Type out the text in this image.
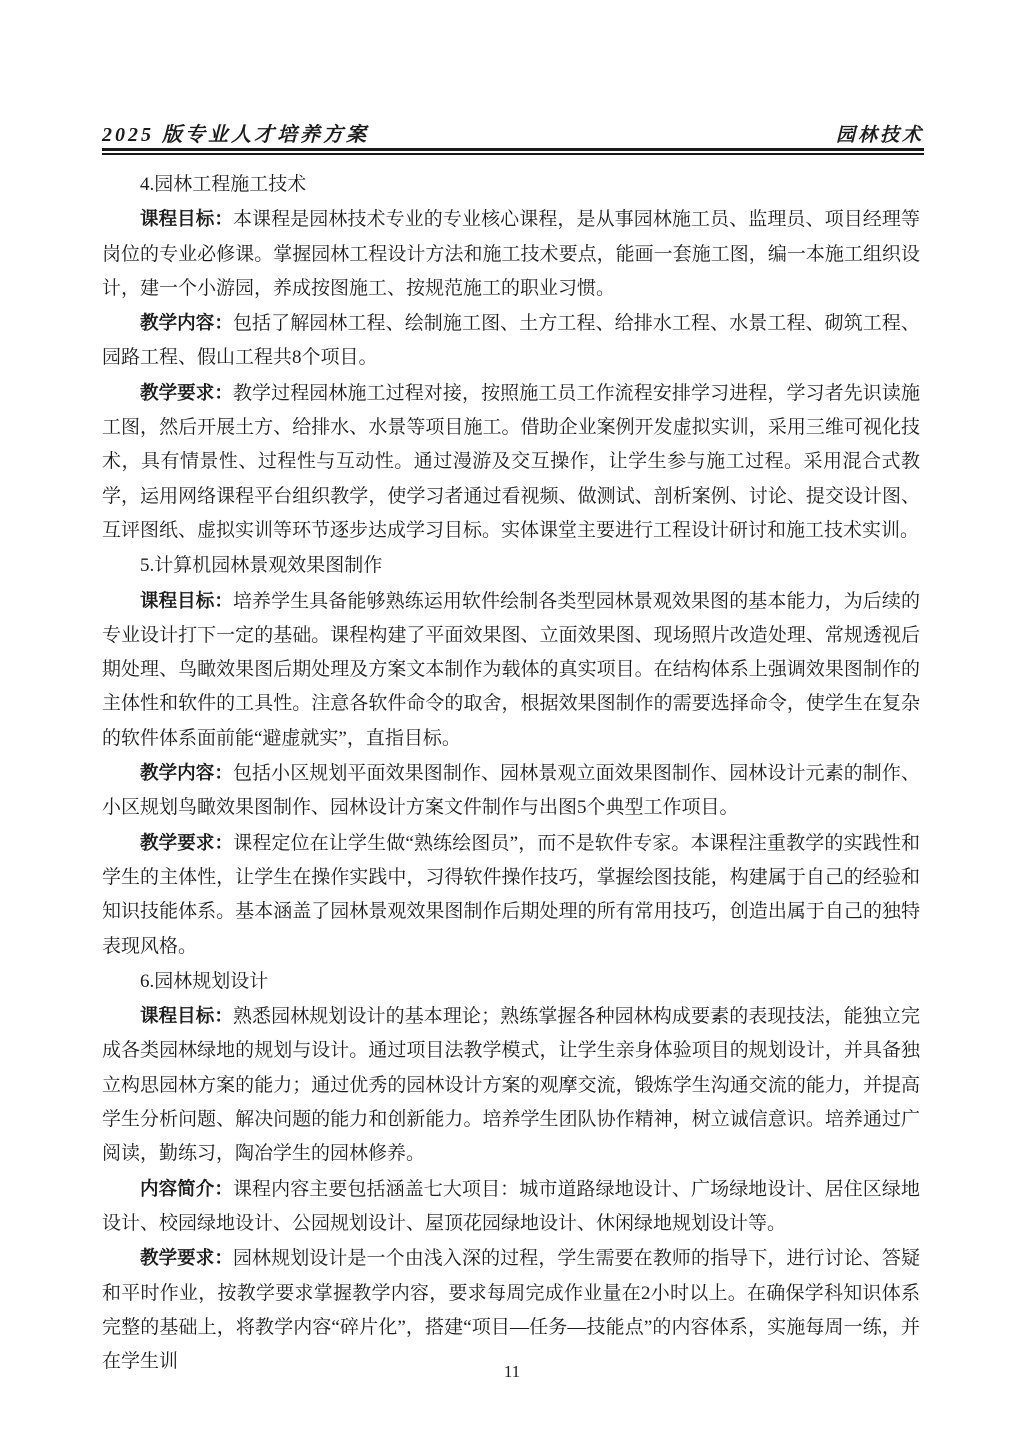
2025 版专业人才培养方案	园林技术

4.园林工程施工技术

课程目标：本课程是园林技术专业的专业核心课程，是从事园林施工员、监理员、项目经理等岗位的专业必修课。掌握园林工程设计方法和施工技术要点，能画一套施工图，编一本施工组织设计，建一个小游园，养成按图施工、按规范施工的职业习惯。

教学内容：包括了解园林工程、绘制施工图、土方工程、给排水工程、水景工程、砌筑工程、园路工程、假山工程共8个项目。

教学要求：教学过程园林施工过程对接，按照施工员工作流程安排学习进程，学习者先识读施工图，然后开展土方、给排水、水景等项目施工。借助企业案例开发虚拟实训，采用三维可视化技术，具有情景性、过程性与互动性。通过漫游及交互操作，让学生参与施工过程。采用混合式教学，运用网络课程平台组织教学，使学习者通过看视频、做测试、剖析案例、讨论、提交设计图、互评图纸、虚拟实训等环节逐步达成学习目标。实体课堂主要进行工程设计研讨和施工技术实训。

5.计算机园林景观效果图制作

课程目标：培养学生具备能够熟练运用软件绘制各类型园林景观效果图的基本能力，为后续的专业设计打下一定的基础。课程构建了平面效果图、立面效果图、现场照片改造处理、常规透视后期处理、鸟瞰效果图后期处理及方案文本制作为载体的真实项目。在结构体系上强调效果图制作的主体性和软件的工具性。注意各软件命令的取舍，根据效果图制作的需要选择命令，使学生在复杂的软件体系面前能“避虚就实”，直指目标。

教学内容：包括小区规划平面效果图制作、园林景观立面效果图制作、园林设计元素的制作、小区规划鸟瞰效果图制作、园林设计方案文件制作与出图5个典型工作项目。

教学要求：课程定位在让学生做“熟练绘图员”，而不是软件专家。本课程注重教学的实践性和学生的主体性，让学生在操作实践中，习得软件操作技巧，掌握绘图技能，构建属于自己的经验和知识技能体系。基本涵盖了园林景观效果图制作后期处理的所有常用技巧，创造出属于自己的独特表现风格。

6.园林规划设计

课程目标：熟悉园林规划设计的基本理论；熟练掌握各种园林构成要素的表现技法，能独立完成各类园林绿地的规划与设计。通过项目法教学模式，让学生亲身体验项目的规划设计，并具备独立构思园林方案的能力；通过优秀的园林设计方案的观摩交流，锻炼学生沟通交流的能力，并提高学生分析问题、解决问题的能力和创新能力。培养学生团队协作精神，树立诚信意识。培养通过广阅读，勤练习，陶冶学生的园林修养。

内容简介：课程内容主要包括涵盖七大项目：城市道路绿地设计、广场绿地设计、居住区绿地设计、校园绿地设计、公园规划设计、屋顶花园绿地设计、休闲绿地规划设计等。

教学要求：园林规划设计是一个由浅入深的过程，学生需要在教师的指导下，进行讨论、答疑和平时作业，按教学要求掌握教学内容，要求每周完成作业量在2小时以上。在确保学科知识体系完整的基础上，将教学内容“碎片化”，搭建“项目—任务—技能点”的内容体系，实施每周一练，并在学生训	11
